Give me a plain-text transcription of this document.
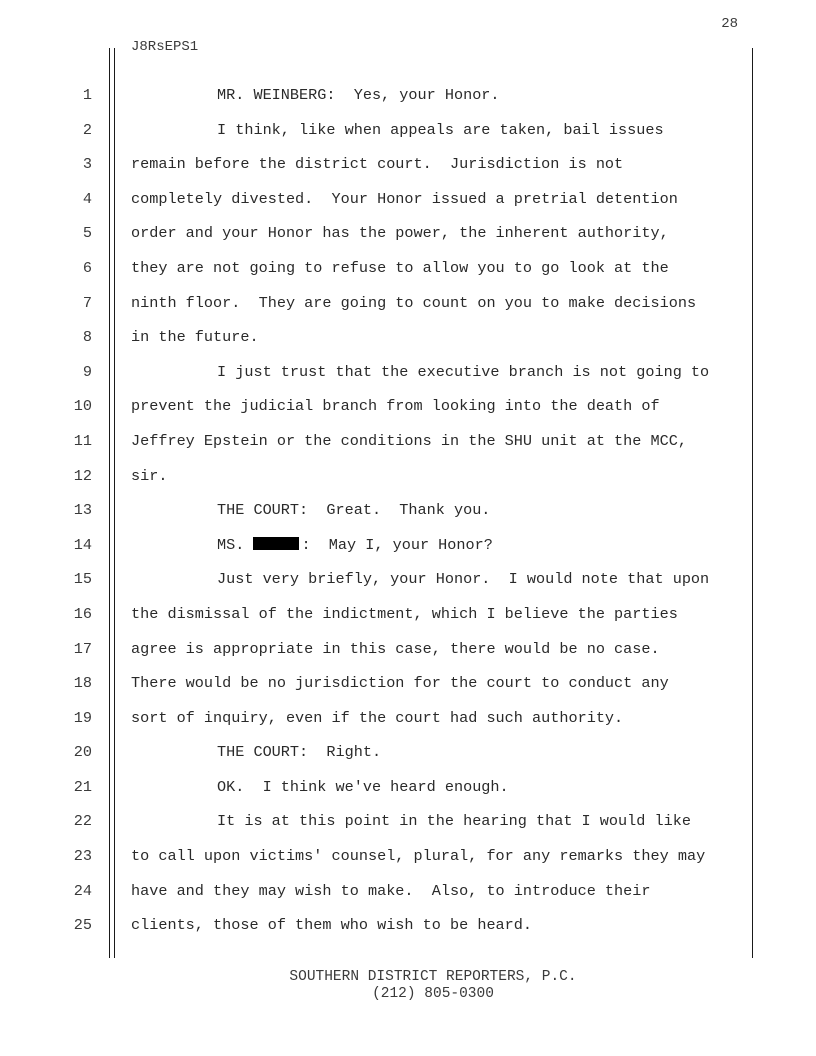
28
J8RsEPS1
1	MR. WEINBERG:  Yes, your Honor.
2	I think, like when appeals are taken, bail issues
3	remain before the district court.  Jurisdiction is not
4	completely divested.  Your Honor issued a pretrial detention
5	order and your Honor has the power, the inherent authority,
6	they are not going to refuse to allow you to go look at the
7	ninth floor.  They are going to count on you to make decisions
8	in the future.
9	I just trust that the executive branch is not going to
10	prevent the judicial branch from looking into the death of
11	Jeffrey Epstein or the conditions in the SHU unit at the MCC,
12	sir.
13	THE COURT:  Great.  Thank you.
14	MS.	:  May I, your Honor?
15	Just very briefly, your Honor.  I would note that upon
16	the dismissal of the indictment, which I believe the parties
17	agree is appropriate in this case, there would be no case.
18	There would be no jurisdiction for the court to conduct any
19	sort of inquiry, even if the court had such authority.
20	THE COURT:  Right.
21	OK.  I think we've heard enough.
22	It is at this point in the hearing that I would like
23	to call upon victims' counsel, plural, for any remarks they may
24	have and they may wish to make.  Also, to introduce their
25	clients, those of them who wish to be heard.
SOUTHERN DISTRICT REPORTERS, P.C.
(212) 805-0300
